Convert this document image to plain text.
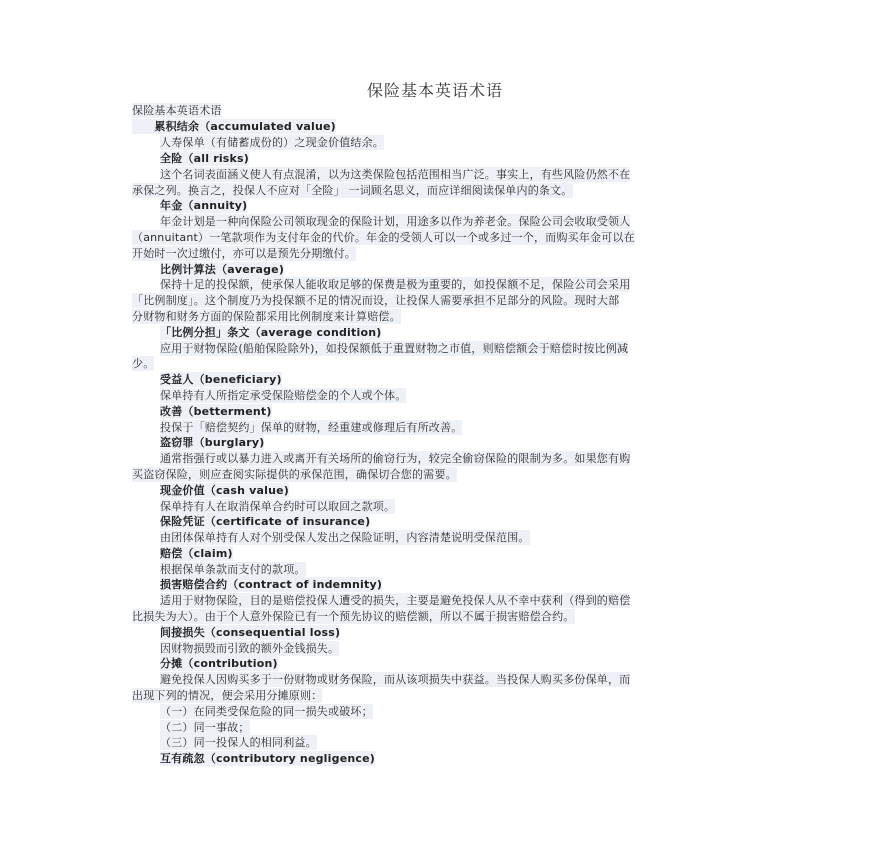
保险基本英语术语
保险基本英语术语
　　累积结余（accumulated value)
人寿保单（有储蓄成份的）之现金价值结余。
全险（all risks)
这个名词表面涵义使人有点混淆，以为这类保险包括范围相当广泛。事实上，有些风险仍然不在
承保之列。换言之，投保人不应对「全险」 一词顾名思义，而应详细阅读保单内的条文。
年金（annuity)
年金计划是一种向保险公司领取现金的保险计划，用途多以作为养老金。保险公司会收取受领人
（annuitant）一笔款项作为支付年金的代价。年金的受领人可以一个或多过一个，而购买年金可以在
开始时一次过缴付，亦可以是预先分期缴付。
比例计算法（average)
保持十足的投保额，使承保人能收取足够的保费是极为重要的，如投保额不足，保险公司会采用
「比例制度」。这个制度乃为投保额不足的情况而设，让投保人需要承担不足部分的风险。现时大部
分财物和财务方面的保险都采用比例制度来计算赔偿。
「比例分担」条文（average condition)
应用于财物保险(船舶保险除外)，如投保额低于重置财物之市值，则赔偿额会于赔偿时按比例减
少。
受益人（beneficiary)
保单持有人所指定承受保险赔偿金的个人或个体。
改善（betterment)
投保于「赔偿契约」保单的财物，经重建或修理后有所改善。
盗窃罪（burglary)
通常指强行或以暴力进入或离开有关场所的偷窃行为，较完全偷窃保险的限制为多。如果您有购
买盗窃保险，则应查阅实际提供的承保范围，确保切合您的需要。
现金价值（cash value)
保单持有人在取消保单合约时可以取回之款项。
保险凭证（certificate of insurance)
由团体保单持有人对个别受保人发出之保险证明，内容清楚说明受保范围。
赔偿（claim)
根据保单条款而支付的款项。
损害赔偿合约（contract of indemnity)
适用于财物保险，目的是赔偿投保人遭受的损失，主要是避免投保人从不幸中获利（得到的赔偿
比损失为大）。由于个人意外保险已有一个预先协议的赔偿额，所以不属于损害赔偿合约。
间接损失（consequential loss)
因财物损毁而引致的额外金钱损失。
分摊（contribution)
避免投保人因购买多于一份财物或财务保险，而从该项损失中获益。当投保人购买多份保单，而
出现下列的情况，便会采用分摊原则：
（一）在同类受保危险的同一损失或破坏；
（二）同一事故；
（三）同一投保人的相同利益。
互有疏忽（contributory negligence)
